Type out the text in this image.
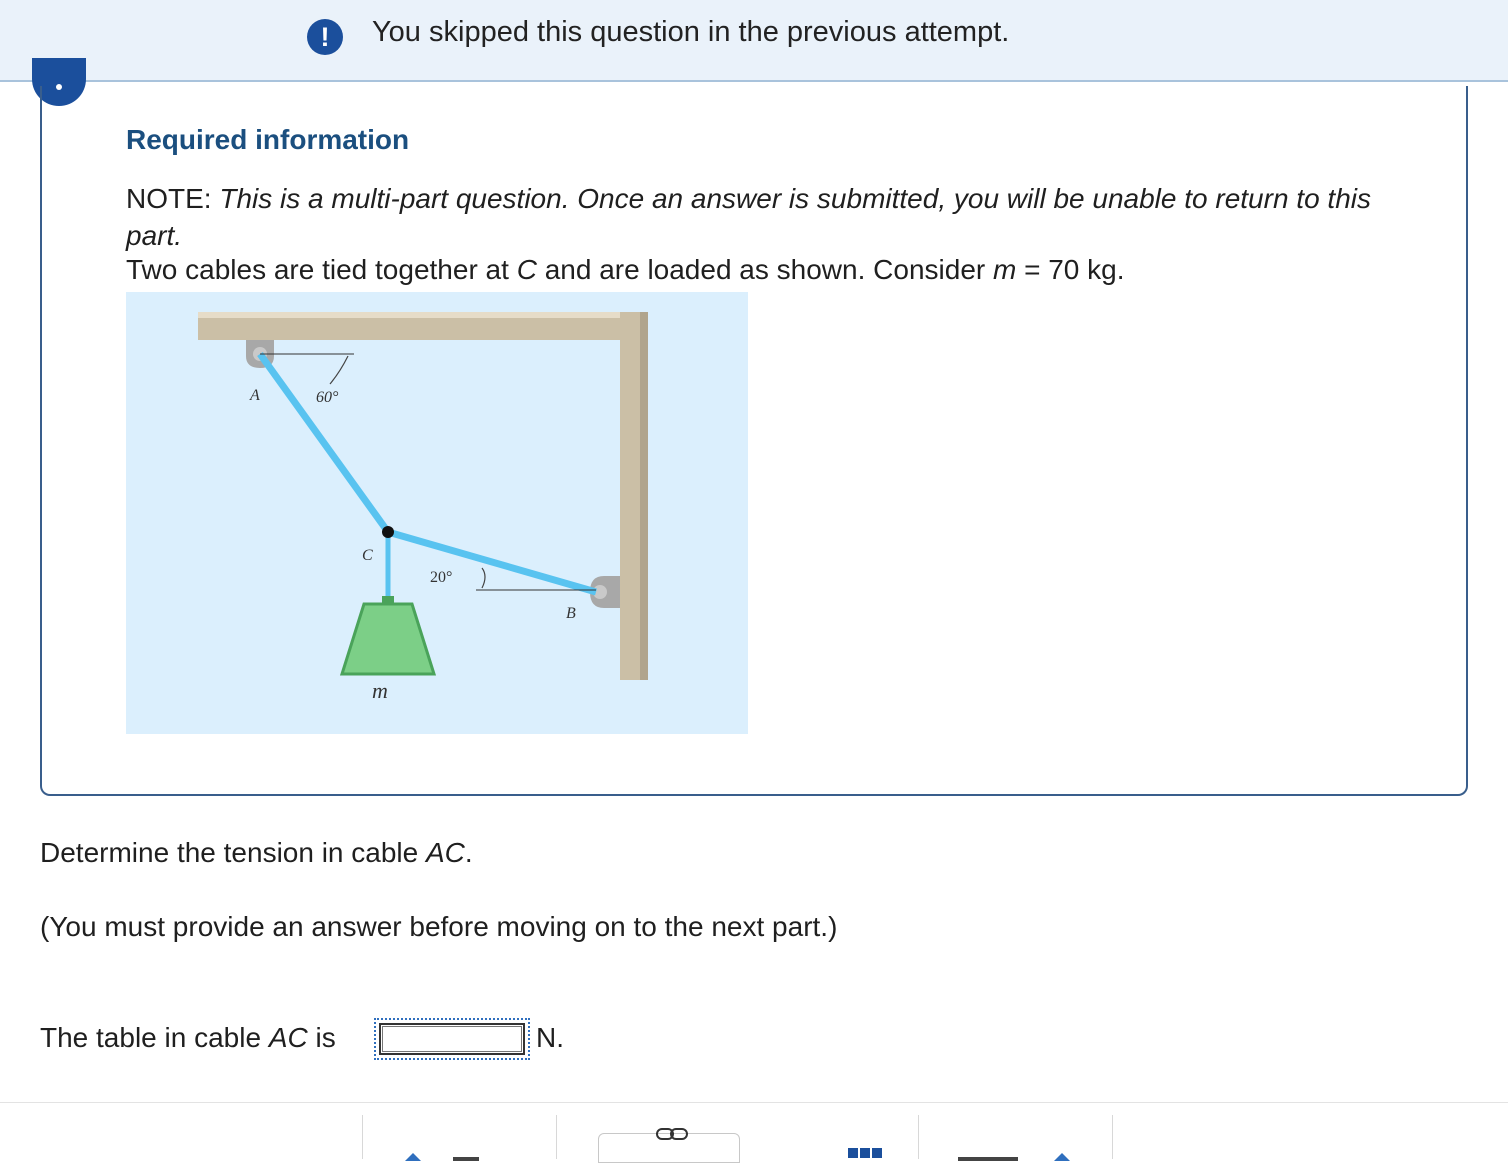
!	You skipped this question in the previous attempt.
Required information
NOTE: This is a multi-part question. Once an answer is submitted, you will be unable to return to this part.
Two cables are tied together at C and are loaded as shown. Consider m = 70 kg.
A	60°
C
20°
B
m
Determine the tension in cable AC.
(You must provide an answer before moving on to the next part.)
The table in cable AC is	N.
